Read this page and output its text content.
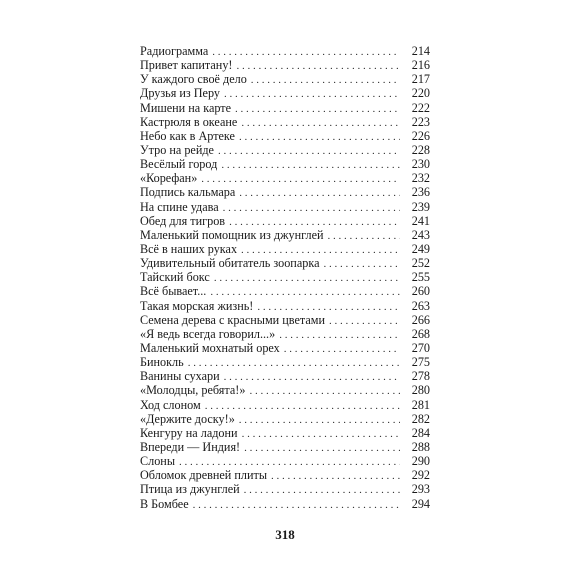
Радиограмма . . .	214
Привет капитану! . . .	216
У каждого своё дело . . .	217
Друзья из Перу . . .	220
Мишени на карте . . .	222
Кастрюля в океане . . .	223
Небо как в Артеке . . .	226
Утро на рейде . . .	228
Весёлый город . . .	230
«Корефан» . . .	232
Подпись кальмара . . .	236
На спине удава . . .	239
Обед для тигров . . .	241
Маленький помощник из джунглей . . .	243
Всё в наших руках . . .	249
Удивительный обитатель зоопарка . . .	252
Тайский бокс . . .	255
Всё бывает... . . .	260
Такая морская жизнь! . . .	263
Семена дерева с красными цветами . . .	266
«Я ведь всегда говорил...» . . .	268
Маленький мохнатый орех . . .	270
Бинокль . . .	275
Ванины сухари . . .	278
«Молодцы, ребята!» . . .	280
Ход слоном . . .	281
«Держите доску!» . . .	282
Кенгуру на ладони . . .	284
Впереди — Индия! . . .	288
Слоны . . .	290
Обломок древней плиты . . .	292
Птица из джунглей . . .	293
В Бомбее . . .	294
318
